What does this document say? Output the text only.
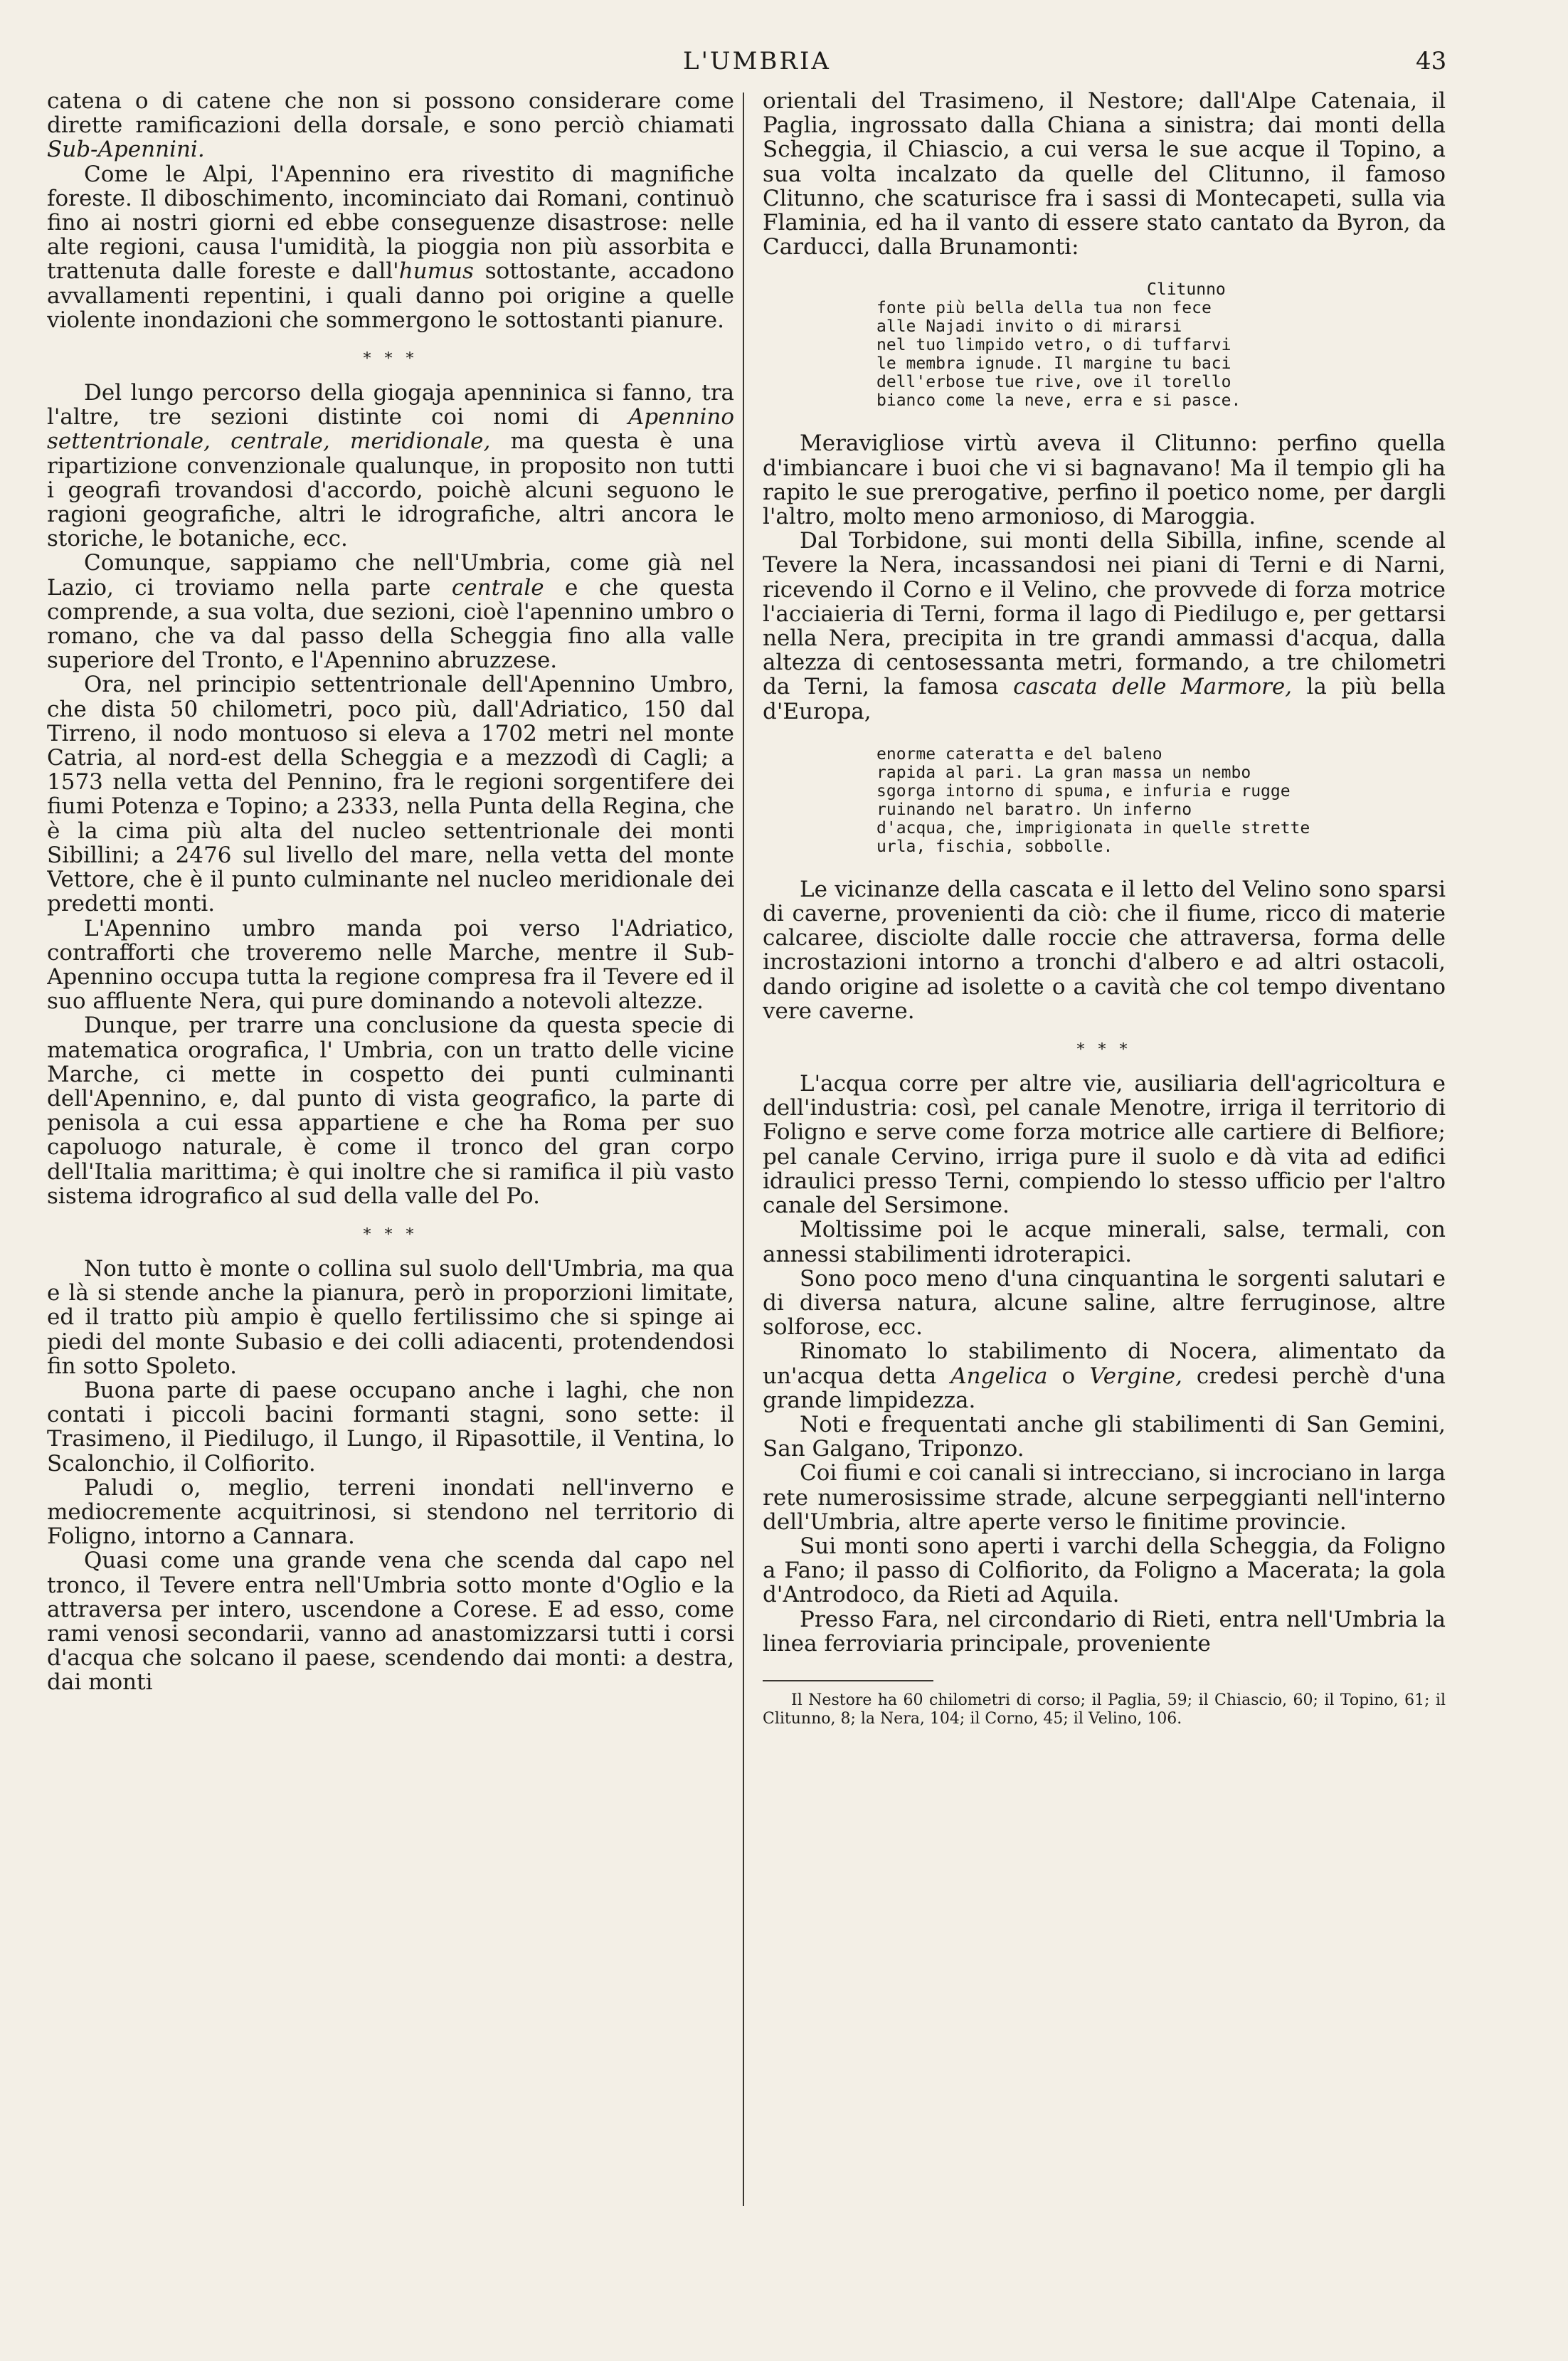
L'UMBRIA	43

catena o di catene che non si possono considerare come dirette ramificazioni della dorsale, e sono perciò chiamati Sub-Apennini.

Come le Alpi, l'Apennino era rivestito di magnifiche foreste. Il diboschimento, incominciato dai Romani, continuò fino ai nostri giorni ed ebbe conseguenze disastrose: nelle alte regioni, causa l'umidità, la pioggia non più assorbita e trattenuta dalle foreste e dall'humus sottostante, accadono avvallamenti repentini, i quali danno poi origine a quelle violente inondazioni che sommergono le sottostanti pianure.

* * *

Del lungo percorso della giogaja apenninica si fanno, tra l'altre, tre sezioni distinte coi nomi di Apennino settentrionale, centrale, meridionale, ma questa è una ripartizione convenzionale qualunque, in proposito non tutti i geografi trovandosi d'accordo, poichè alcuni seguono le ragioni geografiche, altri le idrografiche, altri ancora le storiche, le botaniche, ecc.

Comunque, sappiamo che nell'Umbria, come già nel Lazio, ci troviamo nella parte centrale e che questa comprende, a sua volta, due sezioni, cioè l'apennino umbro o romano, che va dal passo della Scheggia fino alla valle superiore del Tronto, e l'Apennino abruzzese.

Ora, nel principio settentrionale dell'Apennino Umbro, che dista 50 chilometri, poco più, dall'Adriatico, 150 dal Tirreno, il nodo montuoso si eleva a 1702 metri nel monte Catria, al nord-est della Scheggia e a mezzodì di Cagli; a 1573 nella vetta del Pennino, fra le regioni sorgentifere dei fiumi Potenza e Topino; a 2333, nella Punta della Regina, che è la cima più alta del nucleo settentrionale dei monti Sibillini; a 2476 sul livello del mare, nella vetta del monte Vettore, che è il punto culminante nel nucleo meridionale dei predetti monti.

L'Apennino umbro manda poi verso l'Adriatico, contrafforti che troveremo nelle Marche, mentre il Sub-Apennino occupa tutta la regione compresa fra il Tevere ed il suo affluente Nera, qui pure dominando a notevoli altezze.

Dunque, per trarre una conclusione da questa specie di matematica orografica, l' Umbria, con un tratto delle vicine Marche, ci mette in cospetto dei punti culminanti dell'Apennino, e, dal punto di vista geografico, la parte di penisola a cui essa appartiene e che ha Roma per suo capoluogo naturale, è come il tronco del gran corpo dell'Italia marittima; è qui inoltre che si ramifica il più vasto sistema idrografico al sud della valle del Po.

* * *

Non tutto è monte o collina sul suolo dell'Umbria, ma qua e là si stende anche la pianura, però in proporzioni limitate, ed il tratto più ampio è quello fertilissimo che si spinge ai piedi del monte Subasio e dei colli adiacenti, protendendosi fin sotto Spoleto.

Buona parte di paese occupano anche i laghi, che non contati i piccoli bacini formanti stagni, sono sette: il Trasimeno, il Piedilugo, il Lungo, il Ripasottile, il Ventina, lo Scalonchio, il Colfiorito.

Paludi o, meglio, terreni inondati nell'inverno e mediocremente acquitrinosi, si stendono nel territorio di Foligno, intorno a Cannara.

Quasi come una grande vena che scenda dal capo nel tronco, il Tevere entra nell'Umbria sotto monte d'Oglio e la attraversa per intero, uscendone a Corese. E ad esso, come rami venosi secondarii, vanno ad anastomizzarsi tutti i corsi d'acqua che solcano il paese, scendendo dai monti: a destra, dai monti

orientali del Trasimeno, il Nestore; dall'Alpe Catenaia, il Paglia, ingrossato dalla Chiana a sinistra; dai monti della Scheggia, il Chiascio, a cui versa le sue acque il Topino, a sua volta incalzato da quelle del Clitunno, il famoso Clitunno, che scaturisce fra i sassi di Montecapeti, sulla via Flaminia, ed ha il vanto di essere stato cantato da Byron, da Carducci, dalla Brunamonti:

Clitunno
fonte più bella della tua non fece
alle Najadi invito o di mirarsi
nel tuo limpido vetro, o di tuffarvi
le membra ignude. Il margine tu baci
dell'erbose tue rive, ove il torello
bianco come la neve, erra e si pasce.

Meravigliose virtù aveva il Clitunno: perfino quella d'imbiancare i buoi che vi si bagnavano! Ma il tempio gli ha rapito le sue prerogative, perfino il poetico nome, per dargli l'altro, molto meno armonioso, di Maroggia.

Dal Torbidone, sui monti della Sibilla, infine, scende al Tevere la Nera, incassandosi nei piani di Terni e di Narni, ricevendo il Corno e il Velino, che provvede di forza motrice l'acciaieria di Terni, forma il lago di Piedilugo e, per gettarsi nella Nera, precipita in tre grandi ammassi d'acqua, dalla altezza di centosessanta metri, formando, a tre chilometri da Terni, la famosa cascata delle Marmore, la più bella d'Europa,

enorme cateratta e del baleno
rapida al pari. La gran massa un nembo
sgorga intorno di spuma, e infuria e rugge
ruinando nel baratro. Un inferno
d'acqua, che, imprigionata in quelle strette
urla, fischia, sobbolle.

Le vicinanze della cascata e il letto del Velino sono sparsi di caverne, provenienti da ciò: che il fiume, ricco di materie calcaree, disciolte dalle roccie che attraversa, forma delle incrostazioni intorno a tronchi d'albero e ad altri ostacoli, dando origine ad isolette o a cavità che col tempo diventano vere caverne.

* * *

L'acqua corre per altre vie, ausiliaria dell'agricoltura e dell'industria: così, pel canale Menotre, irriga il territorio di Foligno e serve come forza motrice alle cartiere di Belfiore; pel canale Cervino, irriga pure il suolo e dà vita ad edifici idraulici presso Terni, compiendo lo stesso ufficio per l'altro canale del Sersimone.

Moltissime poi le acque minerali, salse, termali, con annessi stabilimenti idroterapici.

Sono poco meno d'una cinquantina le sorgenti salutari e di diversa natura, alcune saline, altre ferruginose, altre solforose, ecc.

Rinomato lo stabilimento di Nocera, alimentato da un'acqua detta Angelica o Vergine, credesi perchè d'una grande limpidezza.

Noti e frequentati anche gli stabilimenti di San Gemini, San Galgano, Triponzo.

Coi fiumi e coi canali si intrecciano, si incrociano in larga rete numerosissime strade, alcune serpeggianti nell'interno dell'Umbria, altre aperte verso le finitime provincie.

Sui monti sono aperti i varchi della Scheggia, da Foligno a Fano; il passo di Colfiorito, da Foligno a Macerata; la gola d'Antrodoco, da Rieti ad Aquila.

Presso Fara, nel circondario di Rieti, entra nell'Umbria la linea ferroviaria principale, proveniente

Il Nestore ha 60 chilometri di corso; il Paglia, 59; il Chiascio, 60; il Topino, 61; il Clitunno, 8; la Nera, 104; il Corno, 45; il Velino, 106.
